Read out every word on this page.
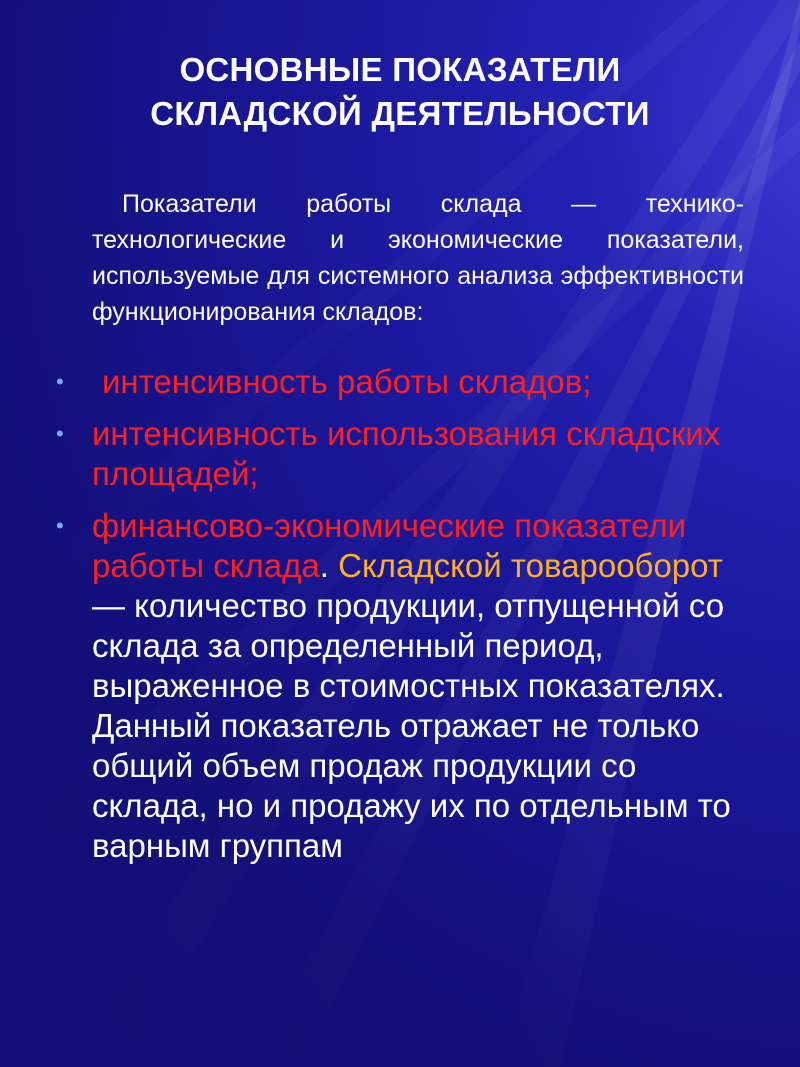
ОСНОВНЫЕ ПОКАЗАТЕЛИ
СКЛАДСКОЙ ДЕЯТЕЛЬНОСТИ
Показатели работы склада — технико-технологические и экономические показатели, используемые для системного анализа эффективности функционирования складов:
• интенсивность работы складов;
• интенсивность использования складских площадей;
• финансово-экономические показатели работы склада. Складской товарооборот — количество продукции, отпущенной со склада за определенный период, выраженное в стоимостных показателях. Данный показатель отражает не только общий объем продаж продукции со склада, но и продажу их по отдельным то варным группам
